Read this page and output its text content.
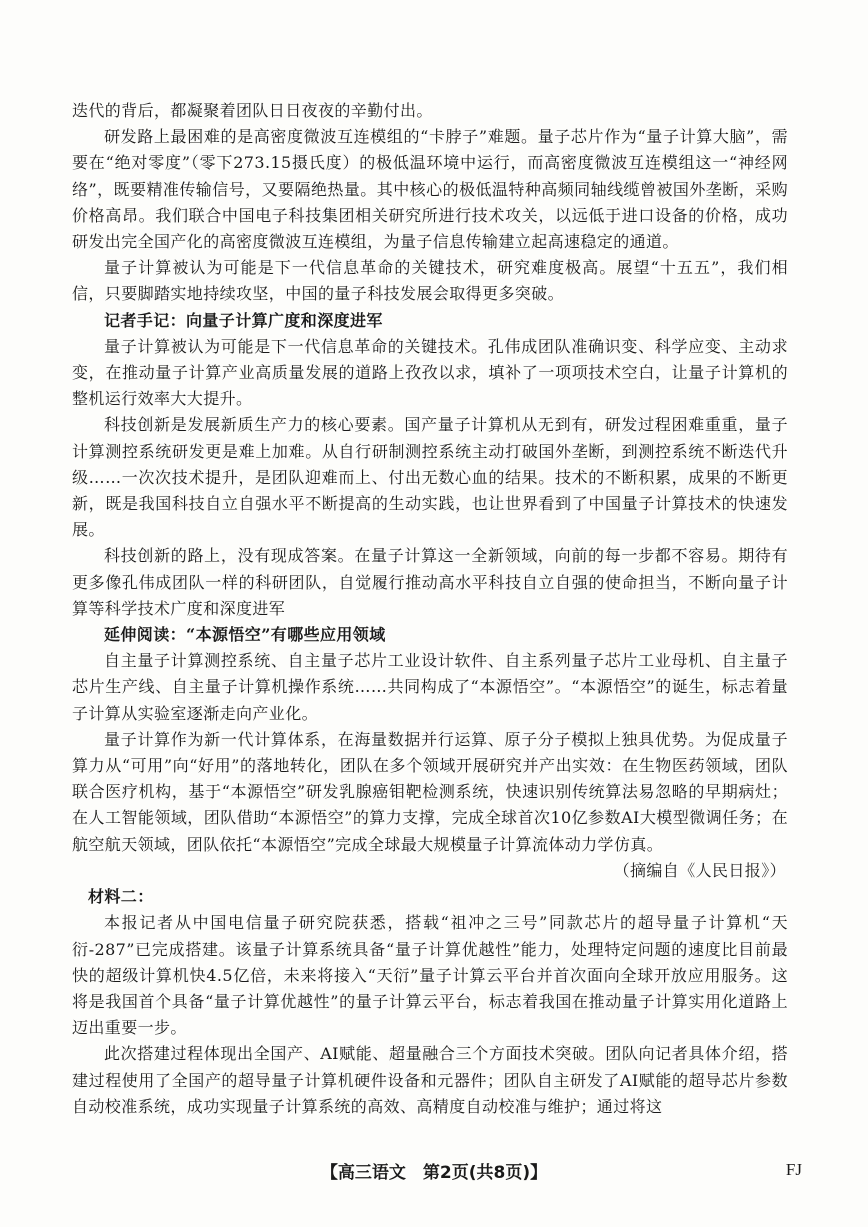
迭代的背后，都凝聚着团队日日夜夜的辛勤付出。

研发路上最困难的是高密度微波互连模组的“卡脖子”难题。量子芯片作为“量子计算大脑”，需要在“绝对零度”（零下273.15摄氏度）的极低温环境中运行，而高密度微波互连模组这一“神经网络”，既要精准传输信号，又要隔绝热量。其中核心的极低温特种高频同轴线缆曾被国外垄断，采购价格高昂。我们联合中国电子科技集团相关研究所进行技术攻关，以远低于进口设备的价格，成功研发出完全国产化的高密度微波互连模组，为量子信息传输建立起高速稳定的通道。

量子计算被认为可能是下一代信息革命的关键技术，研究难度极高。展望“十五五”，我们相信，只要脚踏实地持续攻坚，中国的量子科技发展会取得更多突破。

记者手记：向量子计算广度和深度进军

量子计算被认为可能是下一代信息革命的关键技术。孔伟成团队准确识变、科学应变、主动求变，在推动量子计算产业高质量发展的道路上孜孜以求，填补了一项项技术空白，让量子计算机的整机运行效率大大提升。

科技创新是发展新质生产力的核心要素。国产量子计算机从无到有，研发过程困难重重，量子计算测控系统研发更是难上加难。从自行研制测控系统主动打破国外垄断，到测控系统不断迭代升级……一次次技术提升，是团队迎难而上、付出无数心血的结果。技术的不断积累，成果的不断更新，既是我国科技自立自强水平不断提高的生动实践，也让世界看到了中国量子计算技术的快速发展。

科技创新的路上，没有现成答案。在量子计算这一全新领域，向前的每一步都不容易。期待有更多像孔伟成团队一样的科研团队，自觉履行推动高水平科技自立自强的使命担当，不断向量子计算等科学技术广度和深度进军

延伸阅读：“本源悟空”有哪些应用领域

自主量子计算测控系统、自主量子芯片工业设计软件、自主系列量子芯片工业母机、自主量子芯片生产线、自主量子计算机操作系统……共同构成了“本源悟空”。“本源悟空”的诞生，标志着量子计算从实验室逐渐走向产业化。

量子计算作为新一代计算体系，在海量数据并行运算、原子分子模拟上独具优势。为促成量子算力从“可用”向“好用”的落地转化，团队在多个领域开展研究并产出实效：在生物医药领域，团队联合医疗机构，基于“本源悟空”研发乳腺癌钼靶检测系统，快速识别传统算法易忽略的早期病灶；在人工智能领域，团队借助“本源悟空”的算力支撑，完成全球首次10亿参数AI大模型微调任务；在航空航天领域，团队依托“本源悟空”完成全球最大规模量子计算流体动力学仿真。

（摘编自《人民日报》）

材料二：

本报记者从中国电信量子研究院获悉，搭载“祖冲之三号”同款芯片的超导量子计算机“天衍-287”已完成搭建。该量子计算系统具备“量子计算优越性”能力，处理特定问题的速度比目前最快的超级计算机快4.5亿倍，未来将接入“天衍”量子计算云平台并首次面向全球开放应用服务。这将是我国首个具备“量子计算优越性”的量子计算云平台，标志着我国在推动量子计算实用化道路上迈出重要一步。

此次搭建过程体现出全国产、AI赋能、超量融合三个方面技术突破。团队向记者具体介绍，搭建过程使用了全国产的超导量子计算机硬件设备和元器件；团队自主研发了AI赋能的超导芯片参数自动校准系统，成功实现量子计算系统的高效、高精度自动校准与维护；通过将这

【高三语文　第2页(共8页)】	FJ
